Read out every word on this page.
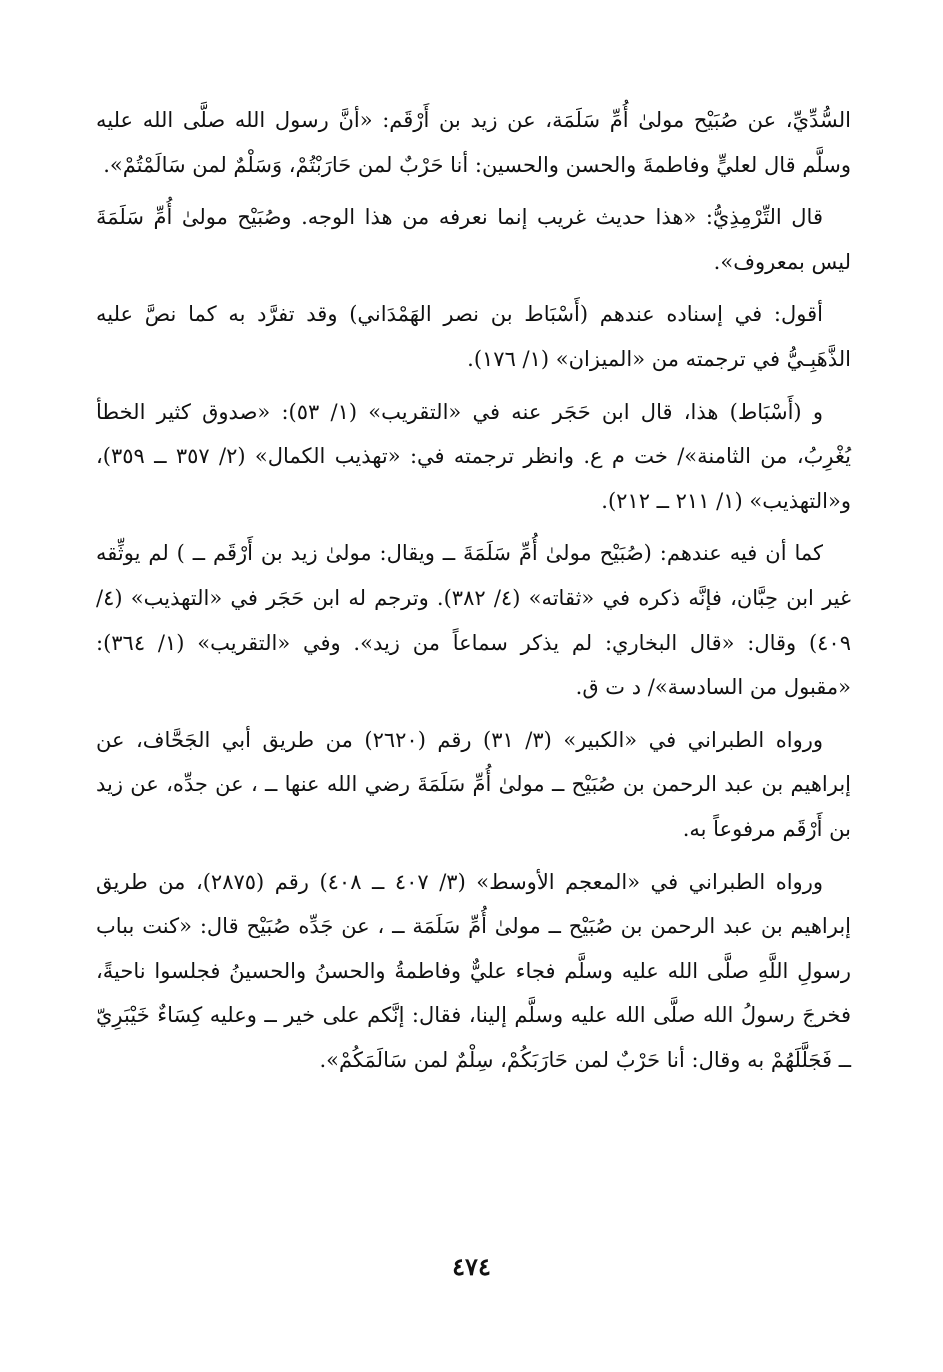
السُّدِّيِّ، عن صُبَيْح مولىٰ أُمِّ سَلَمَة، عن زيد بن أَرْقَم: «أنَّ رسول الله صلَّى الله عليه وسلَّم قال لعليٍّ وفاطمةَ والحسن والحسين: أنا حَرْبٌ لمن حَارَبْتُمْ، وَسَلْمٌ لمن سَالَمْتُمْ».

قال التِّرْمِذِيُّ: «هذا حديث غريب إنما نعرفه من هذا الوجه. وصُبَيْح مولىٰ أُمِّ سَلَمَةَ ليس بمعروف».

أقول: في إسناده عندهم (أَسْبَاط بن نصر الهَمْدَاني) وقد تفرَّد به كما نصَّ عليه الذَّهَبِـيُّ في ترجمته من «الميزان» (١/ ١٧٦).

و (أَسْبَاط) هذا، قال ابن حَجَر عنه في «التقريب» (١/ ٥٣): «صدوق كثير الخطأ يُغْرِبُ، من الثامنة»/ خت م ع. وانظر ترجمته في: «تهذيب الكمال» (٢/ ٣٥٧ ــ ٣٥٩)، و«التهذيب» (١/ ٢١١ ــ ٢١٢).

كما أن فيه عندهم: (صُبَيْح مولىٰ أُمِّ سَلَمَةَ ــ ويقال: مولىٰ زيد بن أَرْقَم ــ ) لم يوثِّقه غير ابن حِبَّان، فإنَّه ذكره في «ثقاته» (٤/ ٣٨٢). وترجم له ابن حَجَر في «التهذيب» (٤/ ٤٠٩) وقال: «قال البخاري: لم يذكر سماعاً من زيد». وفي «التقريب» (١/ ٣٦٤): «مقبول من السادسة»/ د ت ق.

ورواه الطبراني في «الكبير» (٣/ ٣١) رقم (٢٦٢٠) من طريق أبي الجَحَّاف، عن إبراهيم بن عبد الرحمن بن صُبَيْح ــ مولىٰ أُمِّ سَلَمَةَ رضي الله عنها ــ ، عن جدِّه، عن زيد بن أَرْقَم مرفوعاً به.

ورواه الطبراني في «المعجم الأوسط» (٣/ ٤٠٧ ــ ٤٠٨) رقم (٢٨٧٥)، من طريق إبراهيم بن عبد الرحمن بن صُبَيْح ــ مولىٰ أُمِّ سَلَمَة ــ ، عن جَدِّه صُبَيْح قال: «كنت بباب رسولِ اللَّهِ صلَّى الله عليه وسلَّم فجاء عليٌّ وفاطمةُ والحسنُ والحسينُ فجلسوا ناحيةً، فخرجَ رسولُ الله صلَّى الله عليه وسلَّم إلينا، فقال: إنَّكم على خير ــ وعليه كِسَاءٌ خَيْبَرِيّ ــ فَجَلَّلَهُمْ به وقال: أنا حَرْبٌ لمن حَارَبَكُمْ، سِلْمٌ لمن سَالَمَكُمْ».

٤٧٤
